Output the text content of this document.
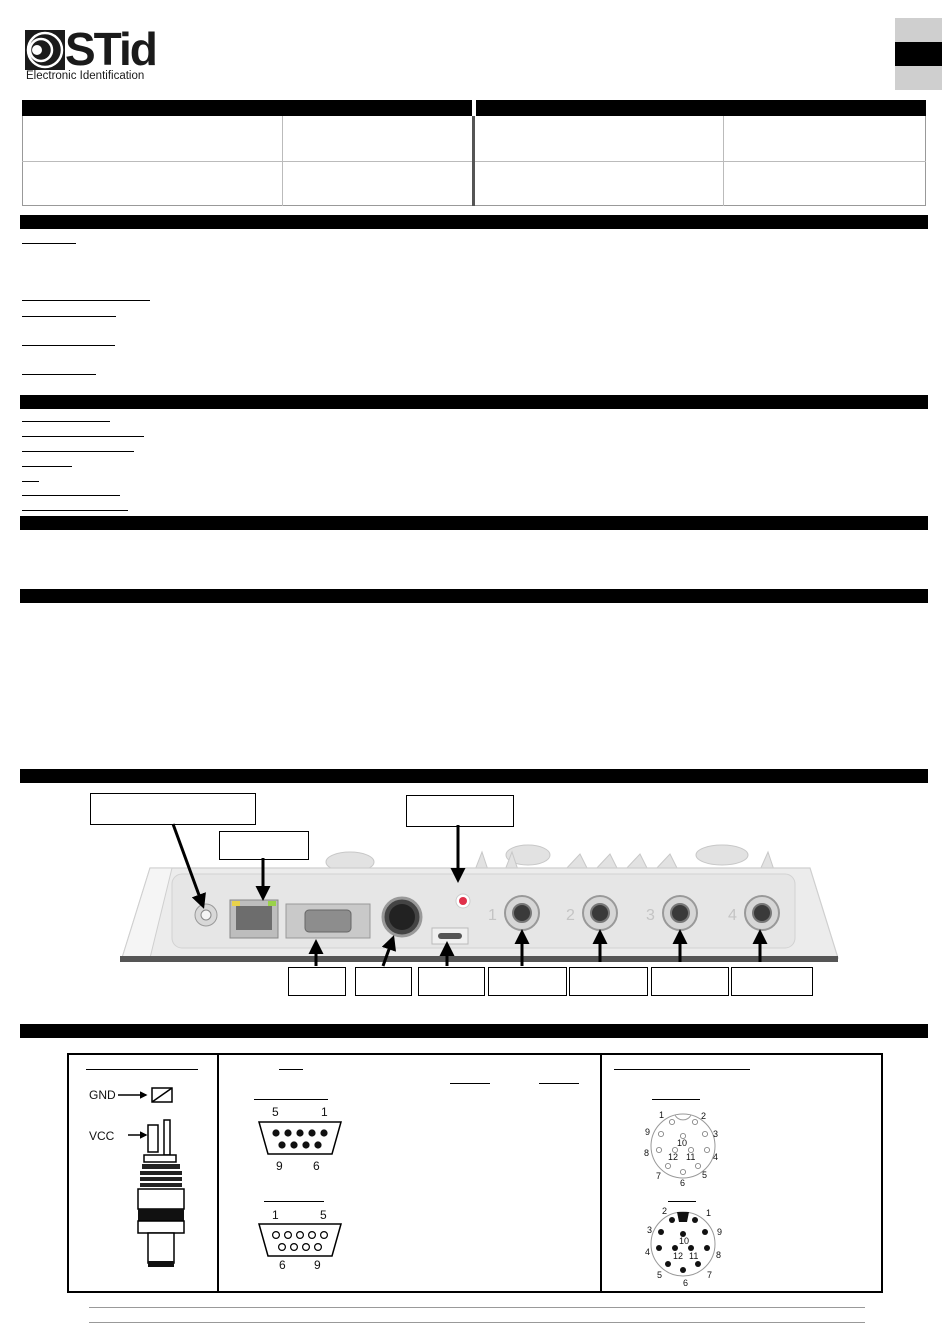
STid
Electronic Identification
1	2	3	4
GND
VCC
5	1
9	6
1	5
6 9
1	2
3
4
5
6
7
8
9
10
11
12
1
2
3
4
5
6
7
8
9
10
11
12
